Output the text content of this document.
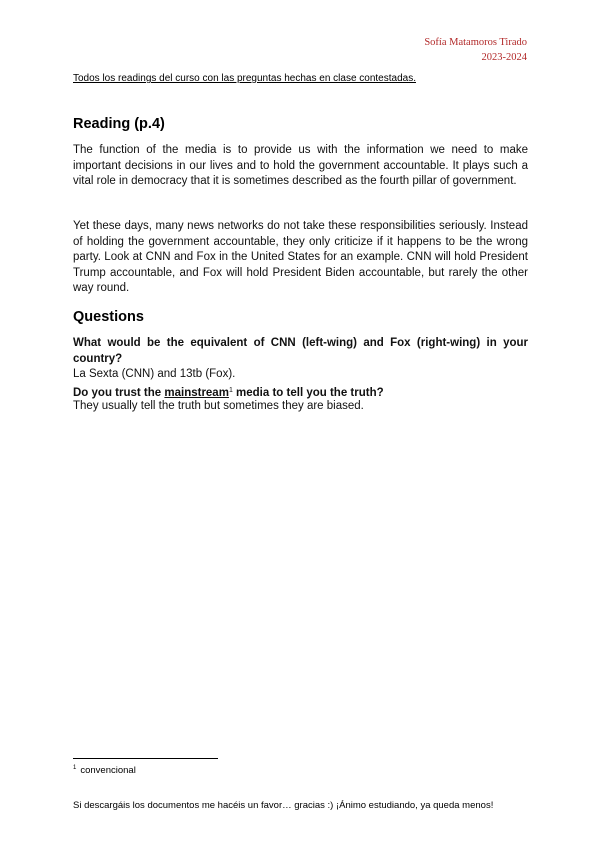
Sofía Matamoros Tirado
2023-2024
Todos los readings del curso con las preguntas hechas en clase contestadas.
Reading (p.4)

The function of the media is to provide us with the information we need to make important decisions in our lives and to hold the government accountable. It plays such a vital role in democracy that it is sometimes described as the fourth pillar of government.

Yet these days, many news networks do not take these responsibilities seriously. Instead of holding the government accountable, they only criticize if it happens to be the wrong party. Look at CNN and Fox in the United States for an example. CNN will hold President Trump accountable, and Fox will hold President Biden accountable, but rarely the other way round.

Questions
What would be the equivalent of CNN (left-wing) and Fox (right-wing) in your country?
La Sexta (CNN) and 13tb (Fox).
Do you trust the mainstream$^1$ media to tell you the truth?
They usually tell the truth but sometimes they are biased.
$^1$ convencional
Si descargáis los documentos me hacéis un favor… gracias :) ¡Ánimo estudiando, ya queda menos!
